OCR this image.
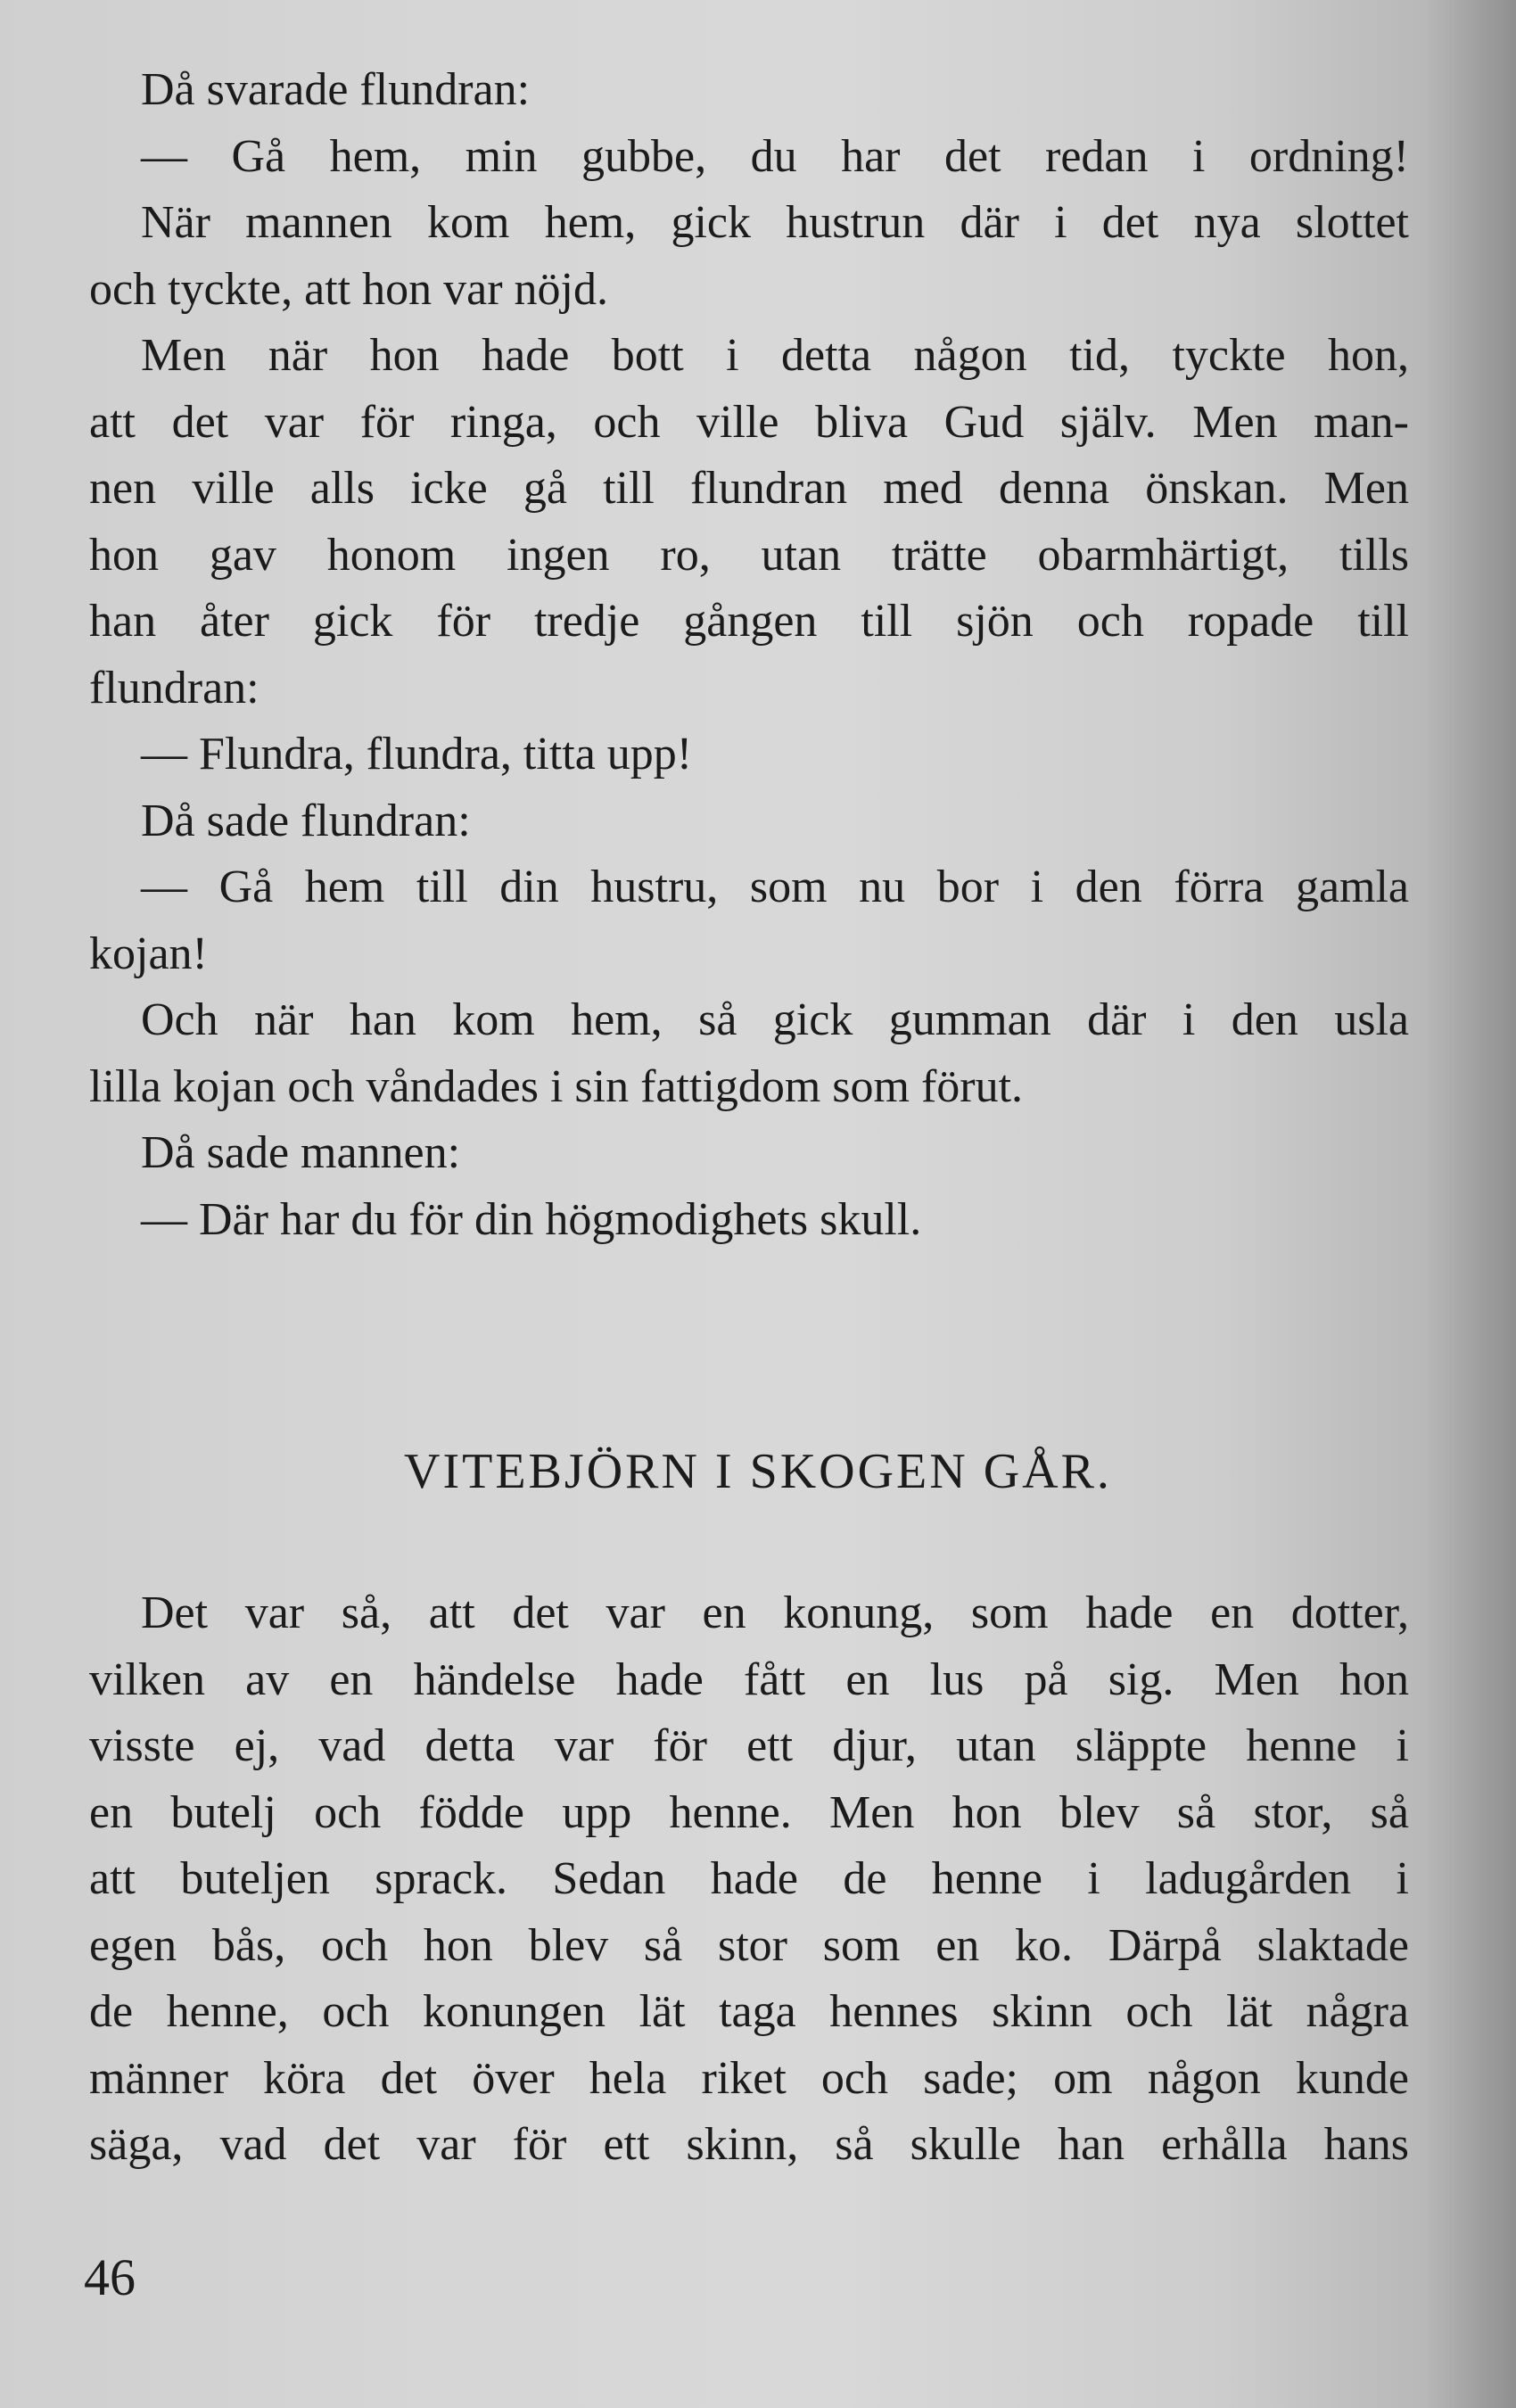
Då svarade flundran:
— Gå hem, min gubbe, du har det redan i ordning!
När mannen kom hem, gick hustrun där i det nya slottet
och tyckte, att hon var nöjd.
Men när hon hade bott i detta någon tid, tyckte hon,
att det var för ringa, och ville bliva Gud själv. Men man-
nen ville alls icke gå till flundran med denna önskan. Men
hon gav honom ingen ro, utan trätte obarmhärtigt, tills
han åter gick för tredje gången till sjön och ropade till
flundran:
— Flundra, flundra, titta upp!
Då sade flundran:
— Gå hem till din hustru, som nu bor i den förra gamla
kojan!
Och när han kom hem, så gick gumman där i den usla
lilla kojan och våndades i sin fattigdom som förut.
Då sade mannen:
— Där har du för din högmodighets skull.
VITEBJÖRN I SKOGEN GÅR.
Det var så, att det var en konung, som hade en dotter,
vilken av en händelse hade fått en lus på sig. Men hon
visste ej, vad detta var för ett djur, utan släppte henne i
en butelj och födde upp henne. Men hon blev så stor, så
att buteljen sprack. Sedan hade de henne i ladugården i
egen bås, och hon blev så stor som en ko. Därpå slaktade
de henne, och konungen lät taga hennes skinn och lät några
männer köra det över hela riket och sade; om någon kunde
säga, vad det var för ett skinn, så skulle han erhålla hans
46
